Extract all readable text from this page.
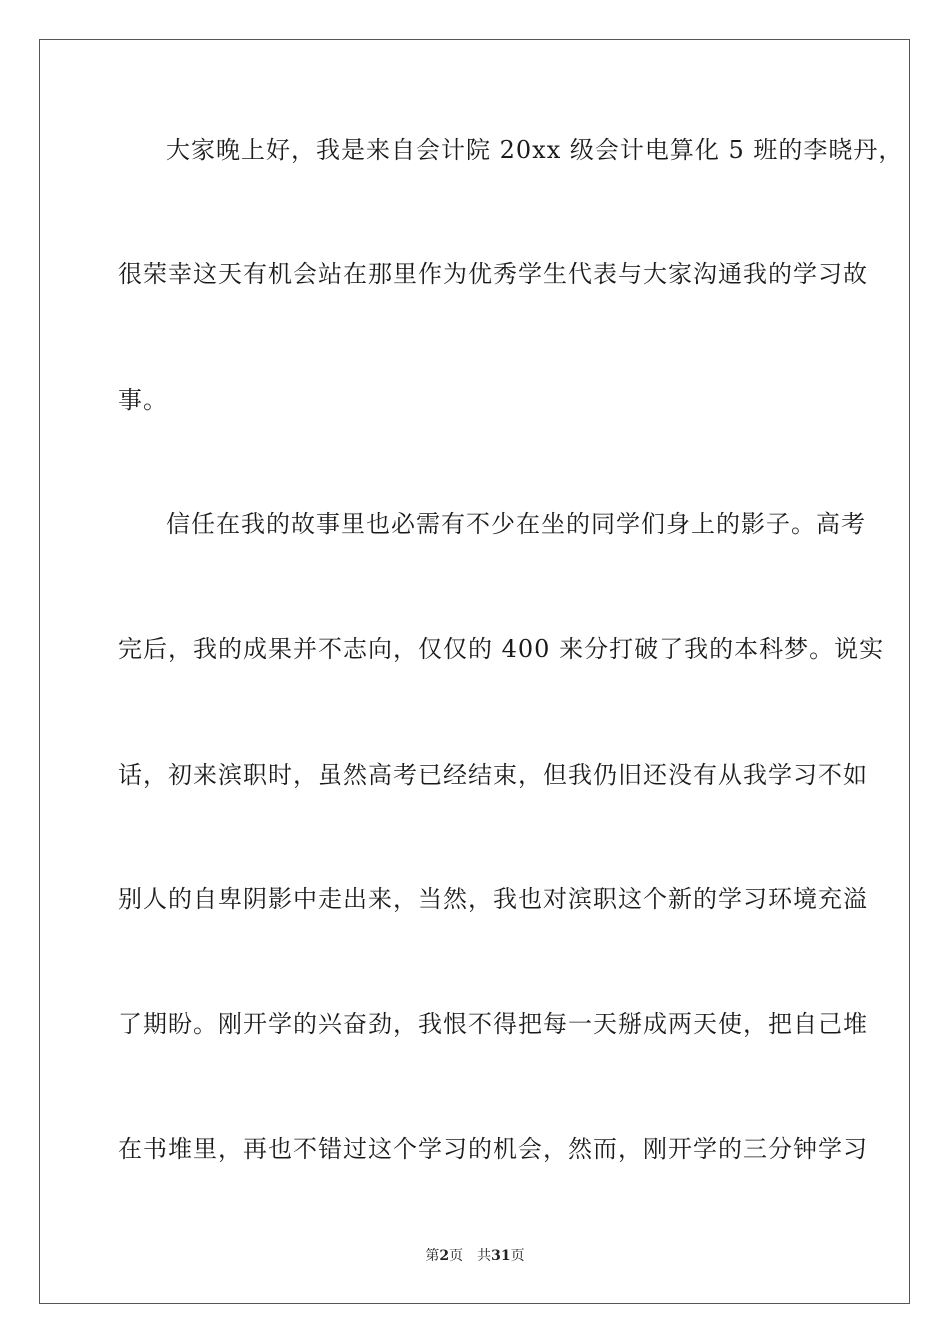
大家晚上好，我是来自会计院 20xx 级会计电算化 5 班的李晓丹，
很荣幸这天有机会站在那里作为优秀学生代表与大家沟通我的学习故
事。
信任在我的故事里也必需有不少在坐的同学们身上的影子。高考
完后，我的成果并不志向，仅仅的 400 来分打破了我的本科梦。说实
话，初来滨职时，虽然高考已经结束，但我仍旧还没有从我学习不如
别人的自卑阴影中走出来，当然，我也对滨职这个新的学习环境充溢
了期盼。刚开学的兴奋劲，我恨不得把每一天掰成两天使，把自己堆
在书堆里，再也不错过这个学习的机会，然而，刚开学的三分钟学习
第2页 共31页
